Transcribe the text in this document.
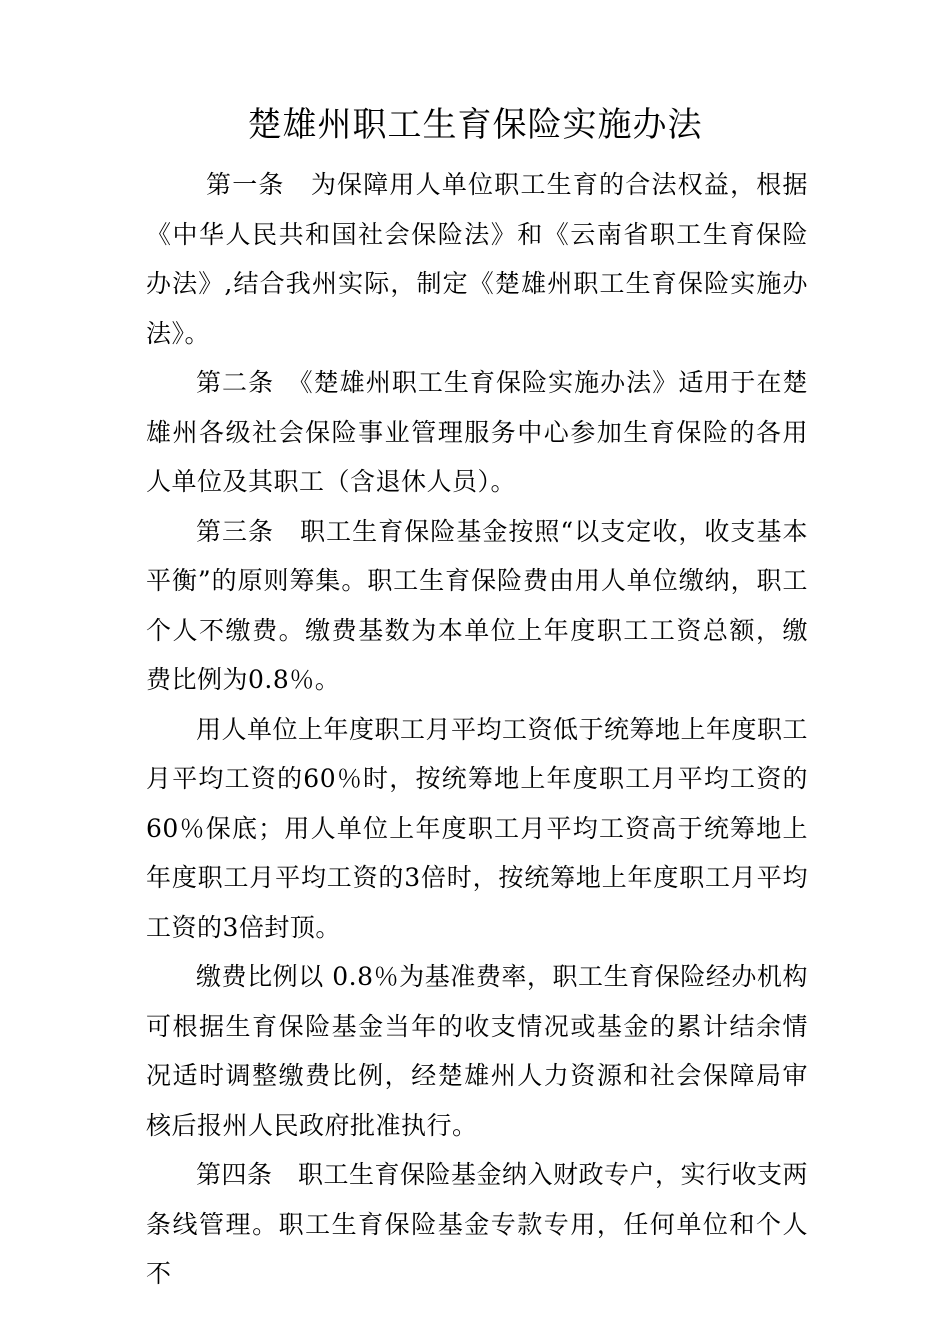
楚雄州职工生育保险实施办法

第一条　为保障用人单位职工生育的合法权益，根据《中华人民共和国社会保险法》和《云南省职工生育保险办法》,结合我州实际，制定《楚雄州职工生育保险实施办法》。

第二条　《楚雄州职工生育保险实施办法》适用于在楚雄州各级社会保险事业管理服务中心参加生育保险的各用人单位及其职工（含退休人员）。

第三条　职工生育保险基金按照“以支定收，收支基本平衡”的原则筹集。职工生育保险费由用人单位缴纳，职工个人不缴费。缴费基数为本单位上年度职工工资总额，缴费比例为0.8％。

用人单位上年度职工月平均工资低于统筹地上年度职工月平均工资的60％时，按统筹地上年度职工月平均工资的60％保底；用人单位上年度职工月平均工资高于统筹地上年度职工月平均工资的3倍时，按统筹地上年度职工月平均工资的3倍封顶。

缴费比例以 0.8％为基准费率，职工生育保险经办机构可根据生育保险基金当年的收支情况或基金的累计结余情况适时调整缴费比例，经楚雄州人力资源和社会保障局审核后报州人民政府批准执行。

第四条　职工生育保险基金纳入财政专户，实行收支两条线管理。职工生育保险基金专款专用，任何单位和个人不
